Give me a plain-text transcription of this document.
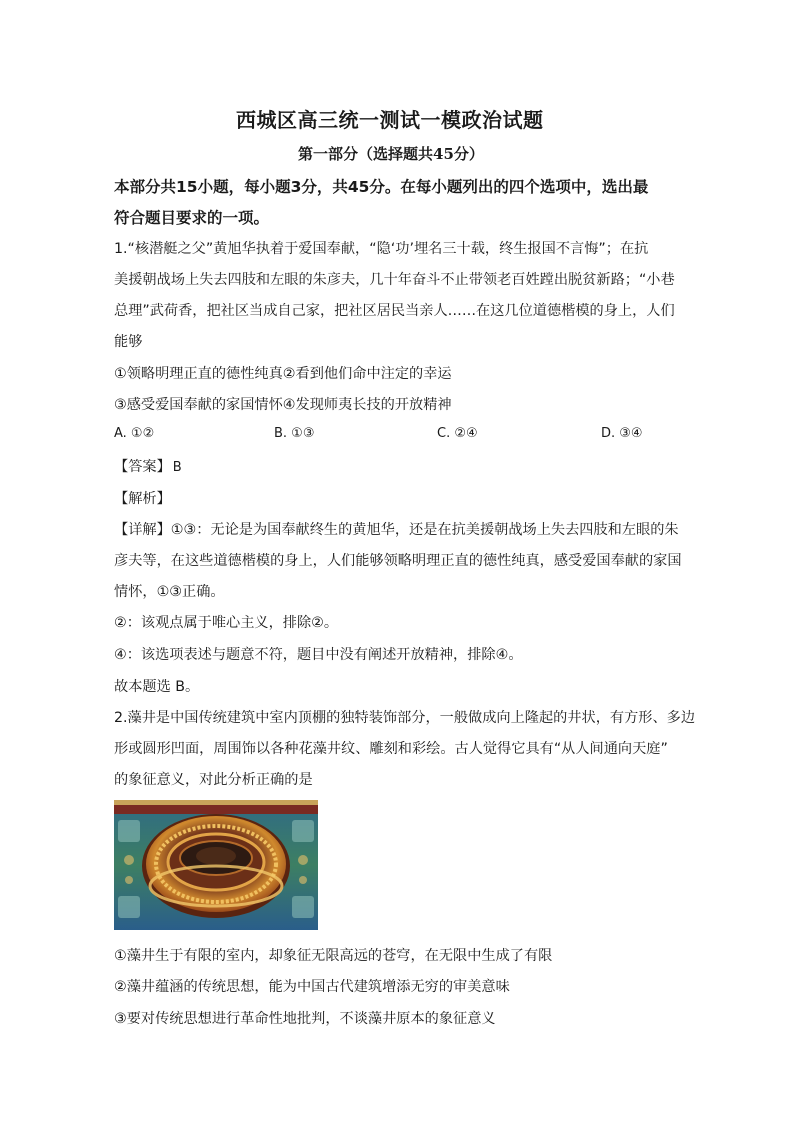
西城区高三统一测试一模政治试题
第一部分（选择题共45分）
本部分共15小题，每小题3分，共45分。在每小题列出的四个选项中，选出最
符合题目要求的一项。
1.“核潜艇之父”黄旭华执着于爱国奉献，“隐‘功’埋名三十载，终生报国不言悔”；在抗
美援朝战场上失去四肢和左眼的朱彦夫，几十年奋斗不止带领老百姓蹚出脱贫新路；“小巷
总理”武荷香，把社区当成自己家，把社区居民当亲人……在这几位道德楷模的身上，人们
能够
①领略明理正直的德性纯真②看到他们命中注定的幸运
③感受爱国奉献的家国情怀④发现师夷长技的开放精神
A. ①②	B. ①③	C. ②④	D. ③④
【答案】 B
【解析】
【详解】①③：无论是为国奉献终生的黄旭华，还是在抗美援朝战场上失去四肢和左眼的朱
彦夫等，在这些道德楷模的身上，人们能够领略明理正直的德性纯真，感受爱国奉献的家国
情怀，①③正确。
②：该观点属于唯心主义，排除②。
④：该选项表述与题意不符，题目中没有阐述开放精神，排除④。
故本题选 B。
2.藻井是中国传统建筑中室内顶棚的独特装饰部分，一般做成向上隆起的井状，有方形、多边
形或圆形凹面，周围饰以各种花藻井纹、雕刻和彩绘。古人觉得它具有“从人间通向天庭”
的象征意义，对此分析正确的是
①藻井生于有限的室内，却象征无限高远的苍穹，在无限中生成了有限
②藻井蕴涵的传统思想，能为中国古代建筑增添无穷的审美意味
③要对传统思想进行革命性地批判，不谈藻井原本的象征意义
